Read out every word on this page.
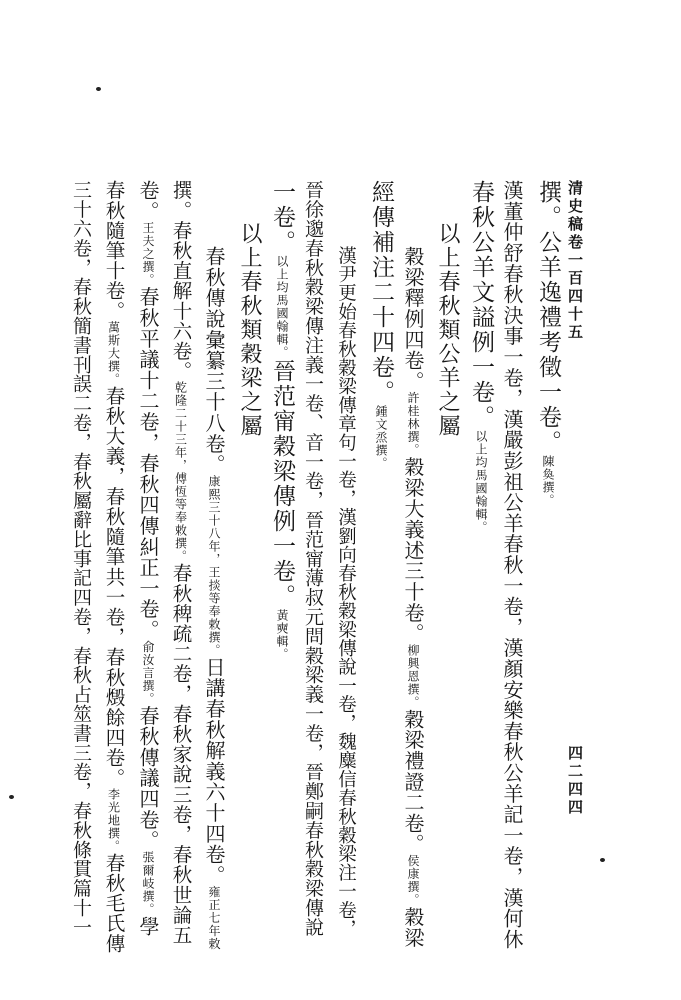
清史稿卷一百四十五
四二四四
撰。公羊逸禮考徵一卷。陳奐撰。
漢董仲舒春秋決事一卷，漢嚴彭祖公羊春秋一卷，漢顏安樂春秋公羊記一卷，漢何休
春秋公羊文謚例一卷。以上均馬國翰輯。
以上春秋類公羊之屬
穀梁釋例四卷。許桂林撰。穀梁大義述三十卷。柳興恩撰。穀梁禮證二卷。侯康撰。穀梁
經傳補注二十四卷。鍾文烝撰。
漢尹更始春秋穀梁傳章句一卷，漢劉向春秋穀梁傳說一卷，魏麋信春秋穀梁注一卷，
晉徐邈春秋穀梁傳注義一卷、音一卷，晉范甯薄叔元問穀梁義一卷，晉鄭嗣春秋穀梁傳說
一卷。以上均馬國翰輯。晉范甯穀梁傳例一卷。黃奭輯。
以上春秋類穀梁之屬
春秋傳說彙纂三十八卷。康熙三十八年，王掞等奉敕撰。日講春秋解義六十四卷。雍正七年敕
撰。春秋直解十六卷。乾隆二十三年，傅恆等奉敕撰。春秋稗疏二卷，春秋家說三卷，春秋世論五
卷。王夫之撰。春秋平議十二卷，春秋四傳糾正一卷。俞汝言撰。春秋傳議四卷。張爾岐撰。學
春秋隨筆十卷。萬斯大撰。春秋大義，春秋隨筆共一卷，春秋燬餘四卷。李光地撰。春秋毛氏傳
三十六卷，春秋簡書刊誤二卷，春秋屬辭比事記四卷，春秋占筮書三卷，春秋條貫篇十一
